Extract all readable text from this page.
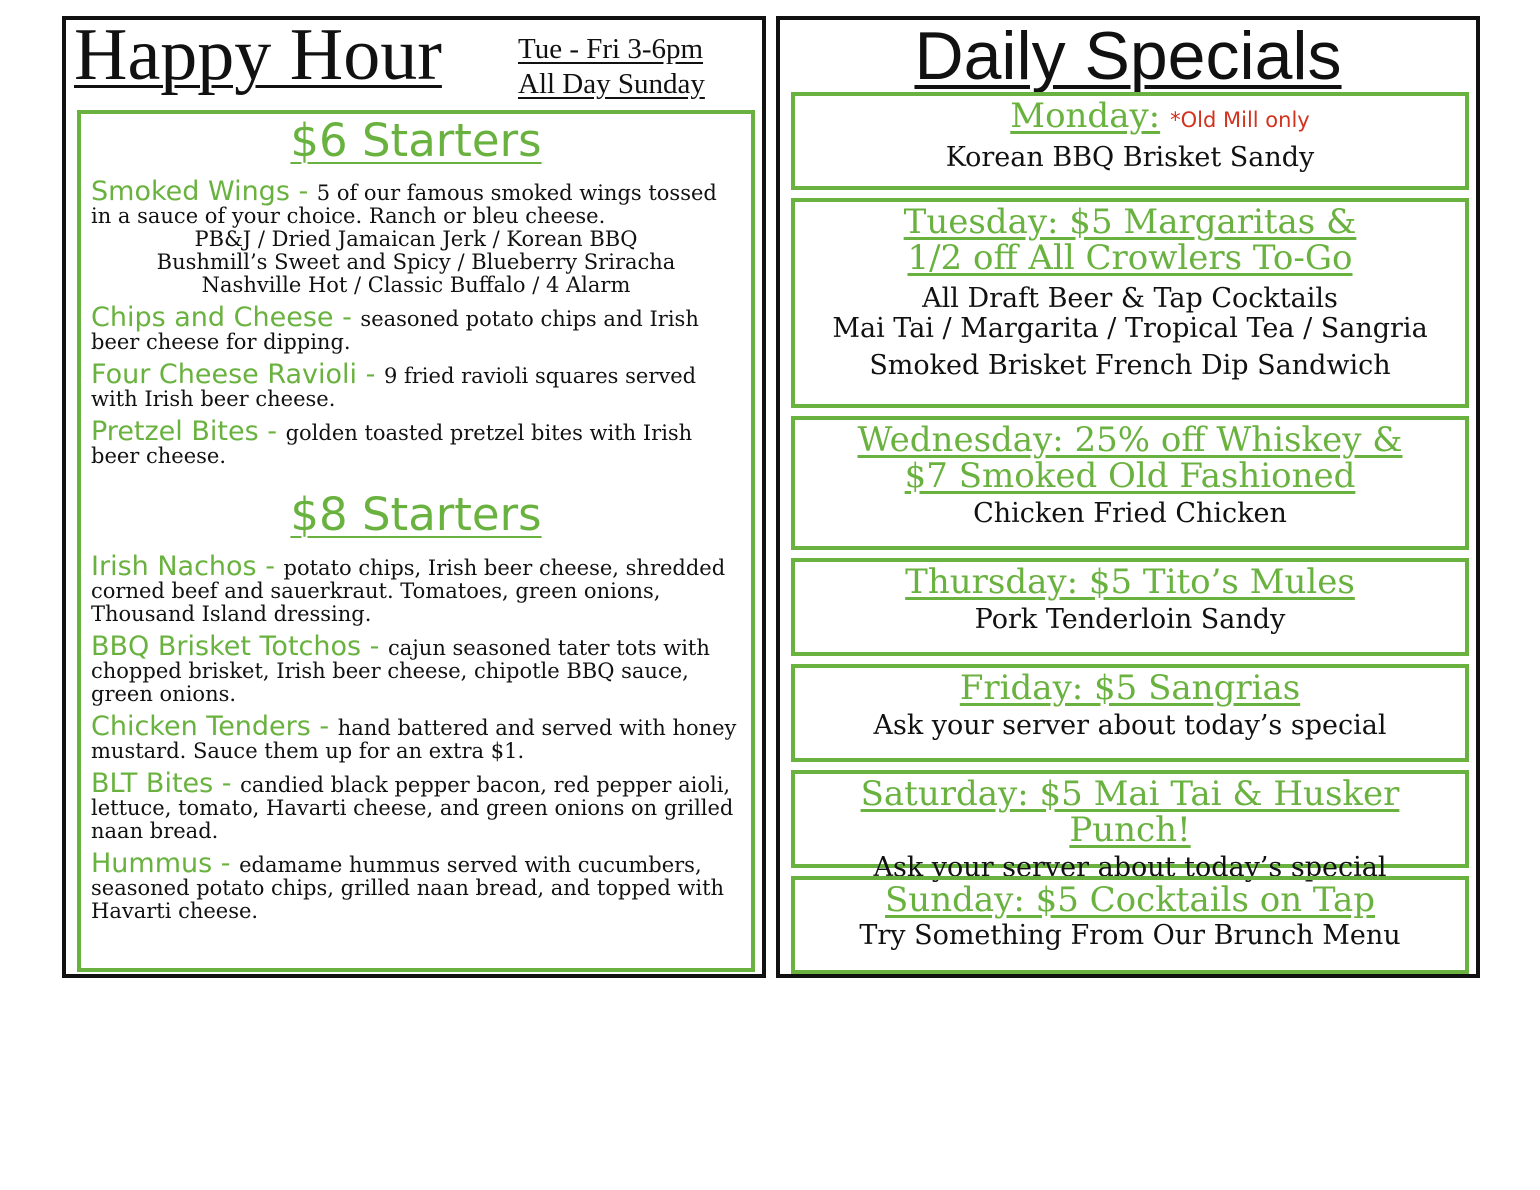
Happy Hour	Tue - Fri 3-6pm
All Day Sunday
$6 Starters
Smoked Wings - 5 of our famous smoked wings tossed in a sauce of your choice. Ranch or bleu cheese.
PB&J / Dried Jamaican Jerk / Korean BBQ
Bushmill’s Sweet and Spicy / Blueberry Sriracha
Nashville Hot / Classic Buffalo / 4 Alarm
Chips and Cheese - seasoned potato chips and Irish beer cheese for dipping.
Four Cheese Ravioli - 9 fried ravioli squares served with Irish beer cheese.
Pretzel Bites - golden toasted pretzel bites with Irish beer cheese.
$8 Starters
Irish Nachos - potato chips, Irish beer cheese, shredded corned beef and sauerkraut. Tomatoes, green onions, Thousand Island dressing.
BBQ Brisket Totchos - cajun seasoned tater tots with chopped brisket, Irish beer cheese, chipotle BBQ sauce, green onions.
Chicken Tenders - hand battered and served with honey mustard. Sauce them up for an extra $1.
BLT Bites - candied black pepper bacon, red pepper aioli, lettuce, tomato, Havarti cheese, and green onions on grilled naan bread.
Hummus - edamame hummus served with cucumbers, seasoned potato chips, grilled naan bread, and topped with Havarti cheese.
Daily Specials
Monday: *Old Mill only
Korean BBQ Brisket Sandy
Tuesday: $5 Margaritas &
1/2 off All Crowlers To-Go
All Draft Beer & Tap Cocktails
Mai Tai / Margarita / Tropical Tea / Sangria
Smoked Brisket French Dip Sandwich
Wednesday: 25% off Whiskey &
$7 Smoked Old Fashioned
Chicken Fried Chicken
Thursday: $5 Tito’s Mules
Pork Tenderloin Sandy
Friday: $5 Sangrias
Ask your server about today’s special
Saturday: $5 Mai Tai & Husker Punch!
Ask your server about today’s special
Sunday: $5 Cocktails on Tap
Try Something From Our Brunch Menu
